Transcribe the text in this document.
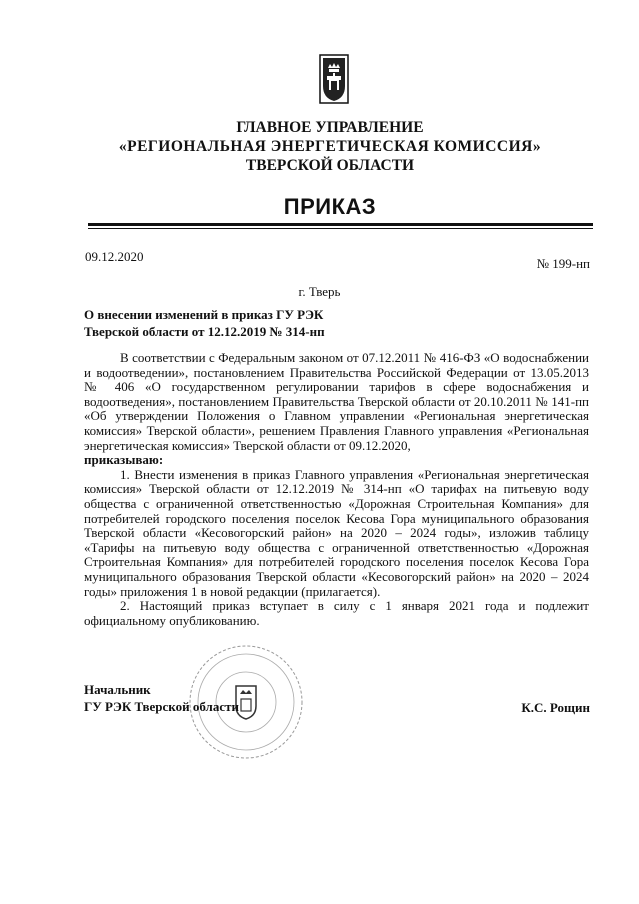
ГЛАВНОЕ УПРАВЛЕНИЕ
«РЕГИОНАЛЬНАЯ ЭНЕРГЕТИЧЕСКАЯ КОМИССИЯ»
ТВЕРСКОЙ ОБЛАСТИ
ПРИКАЗ
09.12.2020	№ 199-нп
г. Тверь
О внесении изменений в приказ ГУ РЭК
Тверской области от 12.12.2019 № 314-нп

В соответствии с Федеральным законом от 07.12.2011 № 416-ФЗ «О водоснабжении и водоотведении», постановлением Правительства Российской Федерации от 13.05.2013 № 406 «О государственном регулировании тарифов в сфере водоснабжения и водоотведения», постановлением Правительства Тверской области от 20.10.2011 № 141-пп «Об утверждении Положения о Главном управлении «Региональная энергетическая комиссия» Тверской области», решением Правления Главного управления «Региональная энергетическая комиссия» Тверской области от 09.12.2020,

приказываю:

1. Внести изменения в приказ Главного управления «Региональная энергетическая комиссия» Тверской области от 12.12.2019 № 314-нп «О тарифах на питьевую воду общества с ограниченной ответственностью «Дорожная Строительная Компания» для потребителей городского поселения поселок Кесова Гора муниципального образования Тверской области «Кесовогорский район» на 2020 – 2024 годы», изложив таблицу «Тарифы на питьевую воду общества с ограниченной ответственностью «Дорожная Строительная Компания» для потребителей городского поселения поселок Кесова Гора муниципального образования Тверской области «Кесовогорский район» на 2020 – 2024 годы» приложения 1 в новой редакции (прилагается).

2. Настоящий приказ вступает в силу с 1 января 2021 года и подлежит официальному опубликованию.

Начальник
ГУ РЭК Тверской области	К.С. Рощин
